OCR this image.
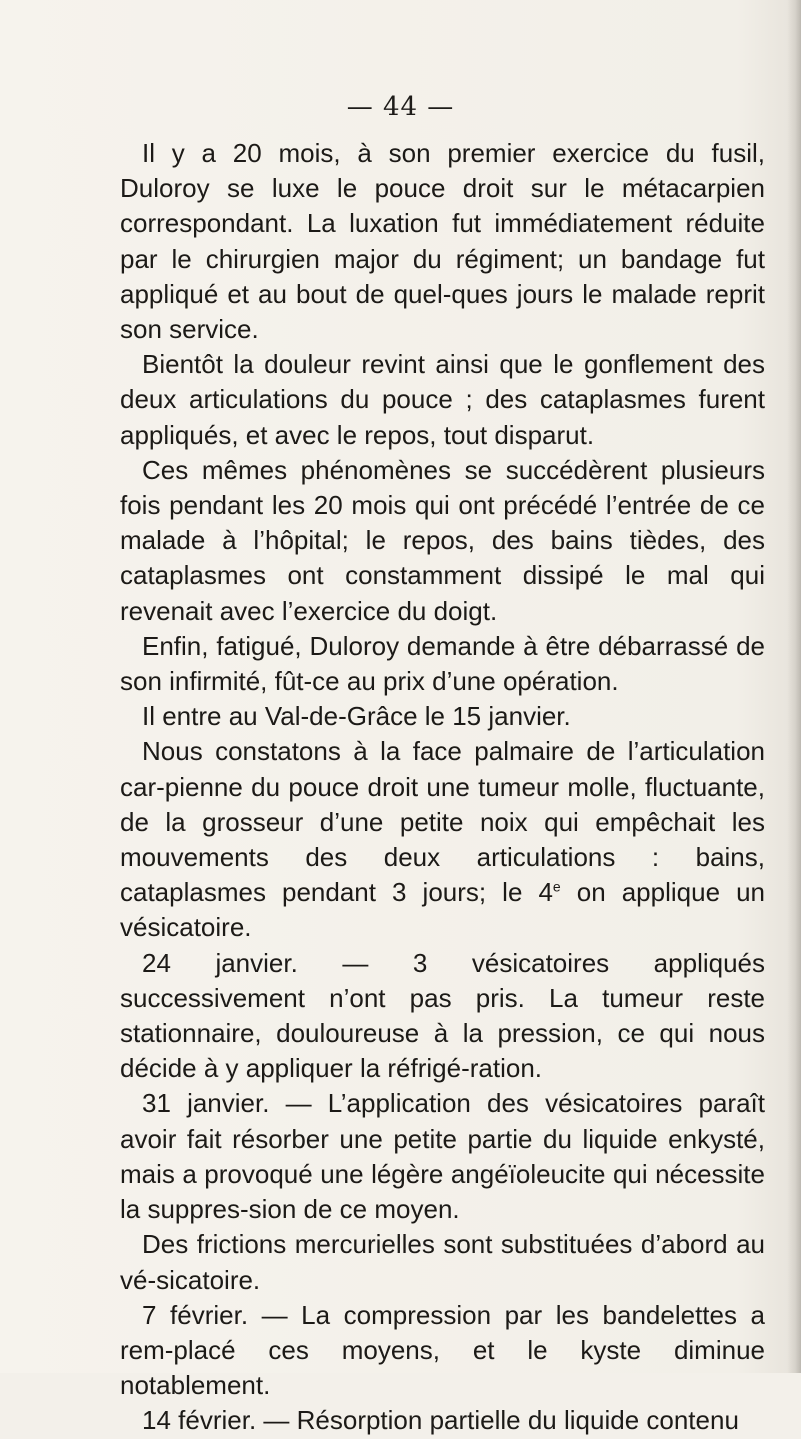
— 44 —

Il y a 20 mois, à son premier exercice du fusil, Duloroy se luxe le pouce droit sur le métacarpien correspondant. La luxation fut immédiatement réduite par le chirurgien major du régiment; un bandage fut appliqué et au bout de quel-ques jours le malade reprit son service.

Bientôt la douleur revint ainsi que le gonflement des deux articulations du pouce ; des cataplasmes furent appliqués, et avec le repos, tout disparut.

Ces mêmes phénomènes se succédèrent plusieurs fois pendant les 20 mois qui ont précédé l’entrée de ce malade à l’hôpital; le repos, des bains tièdes, des cataplasmes ont constamment dissipé le mal qui revenait avec l’exercice du doigt.

Enfin, fatigué, Duloroy demande à être débarrassé de son infirmité, fût-ce au prix d’une opération.

Il entre au Val-de-Grâce le 15 janvier.

Nous constatons à la face palmaire de l’articulation car-pienne du pouce droit une tumeur molle, fluctuante, de la grosseur d’une petite noix qui empêchait les mouvements des deux articulations : bains, cataplasmes pendant 3 jours; le 4e on applique un vésicatoire.

24 janvier. — 3 vésicatoires appliqués successivement n’ont pas pris. La tumeur reste stationnaire, douloureuse à la pression, ce qui nous décide à y appliquer la réfrigé-ration.

31 janvier. — L’application des vésicatoires paraît avoir fait résorber une petite partie du liquide enkysté, mais a provoqué une légère angéïoleucite qui nécessite la suppres-sion de ce moyen.

Des frictions mercurielles sont substituées d’abord au vé-sicatoire.

7 février. — La compression par les bandelettes a rem-placé ces moyens, et le kyste diminue notablement.

14 février. — Résorption partielle du liquide contenu
